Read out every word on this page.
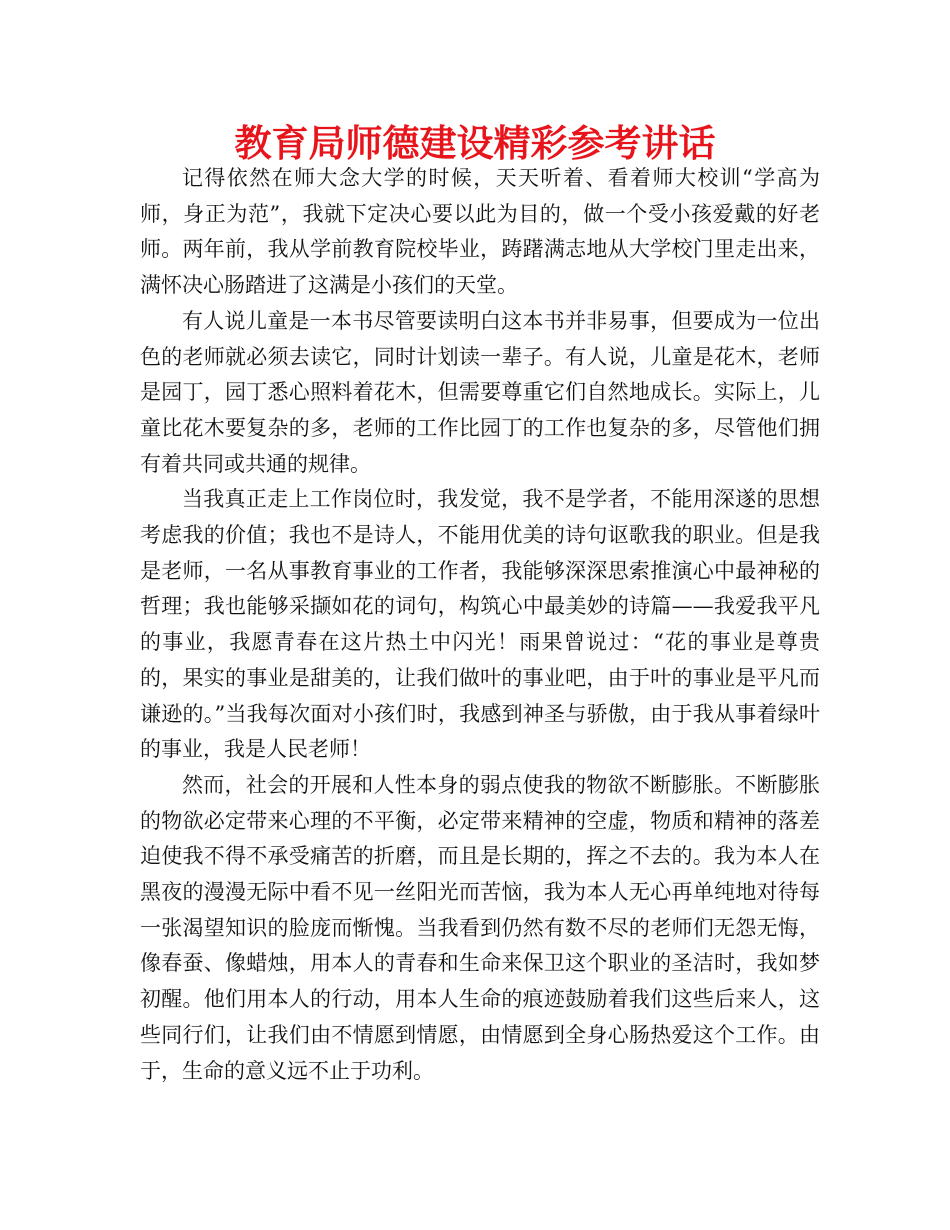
教育局师德建设精彩参考讲话

记得依然在师大念大学的时候，天天听着、看着师大校训“学高为师，身正为范”，我就下定决心要以此为目的，做一个受小孩爱戴的好老师。两年前，我从学前教育院校毕业，踌躇满志地从大学校门里走出来，满怀决心肠踏进了这满是小孩们的天堂。

有人说儿童是一本书尽管要读明白这本书并非易事，但要成为一位出色的老师就必须去读它，同时计划读一辈子。有人说，儿童是花木，老师是园丁，园丁悉心照料着花木，但需要尊重它们自然地成长。实际上，儿童比花木要复杂的多，老师的工作比园丁的工作也复杂的多，尽管他们拥有着共同或共通的规律。

当我真正走上工作岗位时，我发觉，我不是学者，不能用深遂的思想考虑我的价值；我也不是诗人，不能用优美的诗句讴歌我的职业。但是我是老师，一名从事教育事业的工作者，我能够深深思索推演心中最神秘的哲理；我也能够采撷如花的词句，构筑心中最美妙的诗篇——我爱我平凡的事业，我愿青春在这片热土中闪光！雨果曾说过：“花的事业是尊贵的，果实的事业是甜美的，让我们做叶的事业吧，由于叶的事业是平凡而谦逊的。”当我每次面对小孩们时，我感到神圣与骄傲，由于我从事着绿叶的事业，我是人民老师！

然而，社会的开展和人性本身的弱点使我的物欲不断膨胀。不断膨胀的物欲必定带来心理的不平衡，必定带来精神的空虚，物质和精神的落差迫使我不得不承受痛苦的折磨，而且是长期的，挥之不去的。我为本人在黑夜的漫漫无际中看不见一丝阳光而苦恼，我为本人无心再单纯地对待每一张渴望知识的脸庞而惭愧。当我看到仍然有数不尽的老师们无怨无悔，像春蚕、像蜡烛，用本人的青春和生命来保卫这个职业的圣洁时，我如梦初醒。他们用本人的行动，用本人生命的痕迹鼓励着我们这些后来人，这些同行们，让我们由不情愿到情愿，由情愿到全身心肠热爱这个工作。由于，生命的意义远不止于功利。
